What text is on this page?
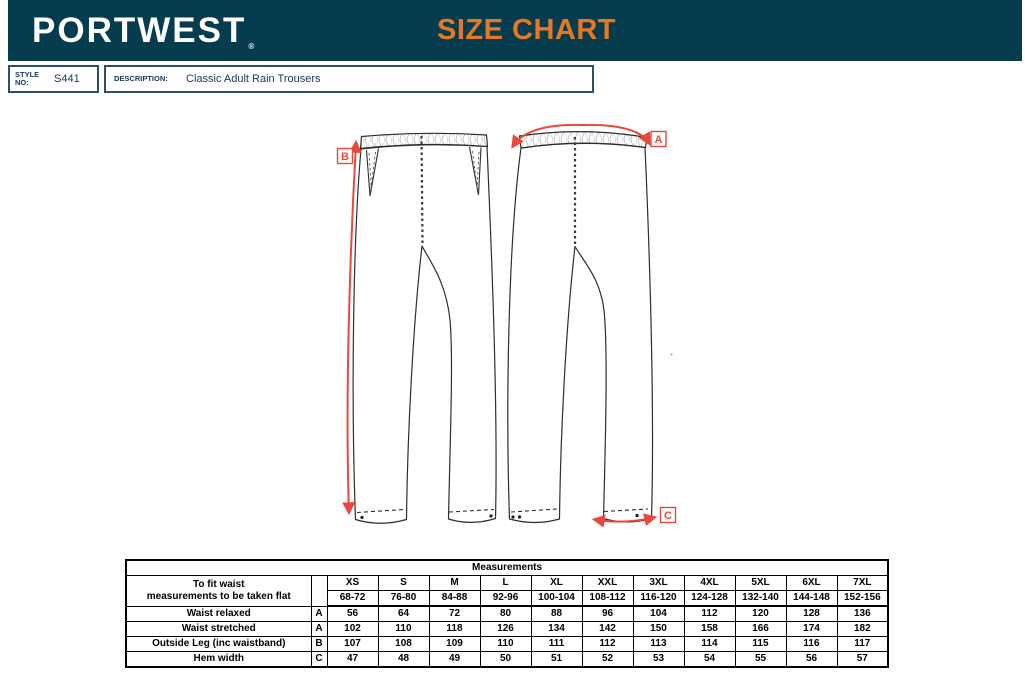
PORTWEST ®
SIZE CHART
STYLE
NO:	S441	DESCRIPTION: Classic Adult Rain Trousers
B
A
C
Measurements												

To fit waist
measurements to be taken flat		XS	S	M	L	XL	XXL	3XL	4XL	5XL	6XL	7XL
		68-72	76-80	84-88	92-96	100-104	108-112	116-120	124-128	132-140	144-148	152-156
Waist relaxed	A	56	64	72	80	88	96	104	112	120	128	136
Waist stretched	A	102	110	118	126	134	142	150	158	166	174	182
Outside Leg (inc waistband)	B	107	108	109	110	111	112	113	114	115	116	117
Hem width	C	47	48	49	50	51	52	53	54	55	56	57
